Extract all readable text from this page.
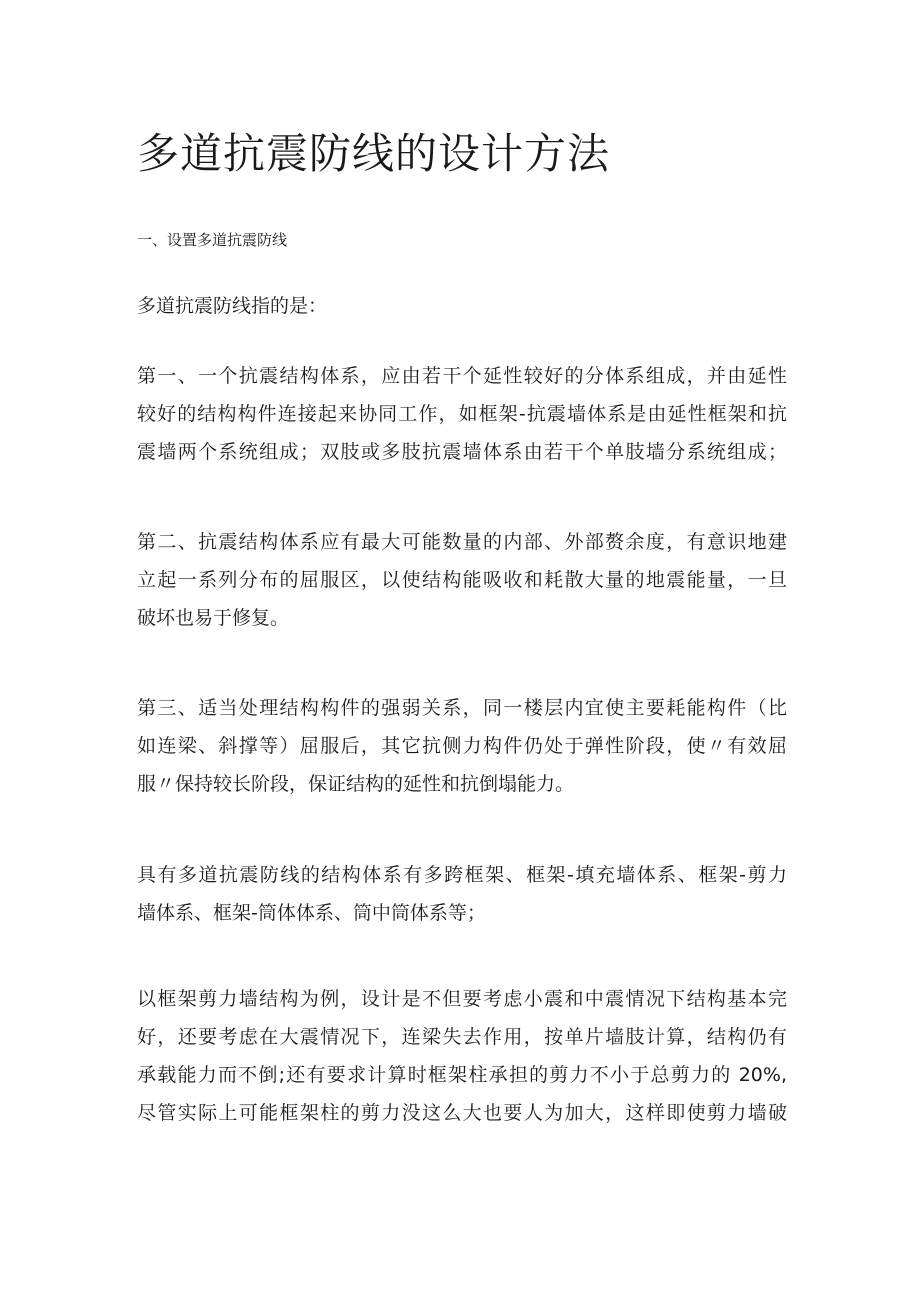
多道抗震防线的设计方法

一、设置多道抗震防线

多道抗震防线指的是：
第一、一个抗震结构体系，应由若干个延性较好的分体系组成，并由延性
较好的结构构件连接起来协同工作，如框架-抗震墙体系是由延性框架和抗
震墙两个系统组成；双肢或多肢抗震墙体系由若干个单肢墙分系统组成；
第二、抗震结构体系应有最大可能数量的内部、外部赘余度，有意识地建
立起一系列分布的屈服区，以使结构能吸收和耗散大量的地震能量，一旦
破坏也易于修复。
第三、适当处理结构构件的强弱关系，同一楼层内宜使主要耗能构件（比
如连梁、斜撑等）屈服后，其它抗侧力构件仍处于弹性阶段，使〃有效屈
服〃保持较长阶段，保证结构的延性和抗倒塌能力。
具有多道抗震防线的结构体系有多跨框架、框架-填充墙体系、框架-剪力
墙体系、框架-筒体体系、筒中筒体系等；
以框架剪力墙结构为例，设计是不但要考虑小震和中震情况下结构基本完
好，还要考虑在大震情况下，连梁失去作用，按单片墙肢计算，结构仍有
承载能力而不倒;还有要求计算时框架柱承担的剪力不小于总剪力的 20%,
尽管实际上可能框架柱的剪力没这么大也要人为加大，这样即使剪力墙破
